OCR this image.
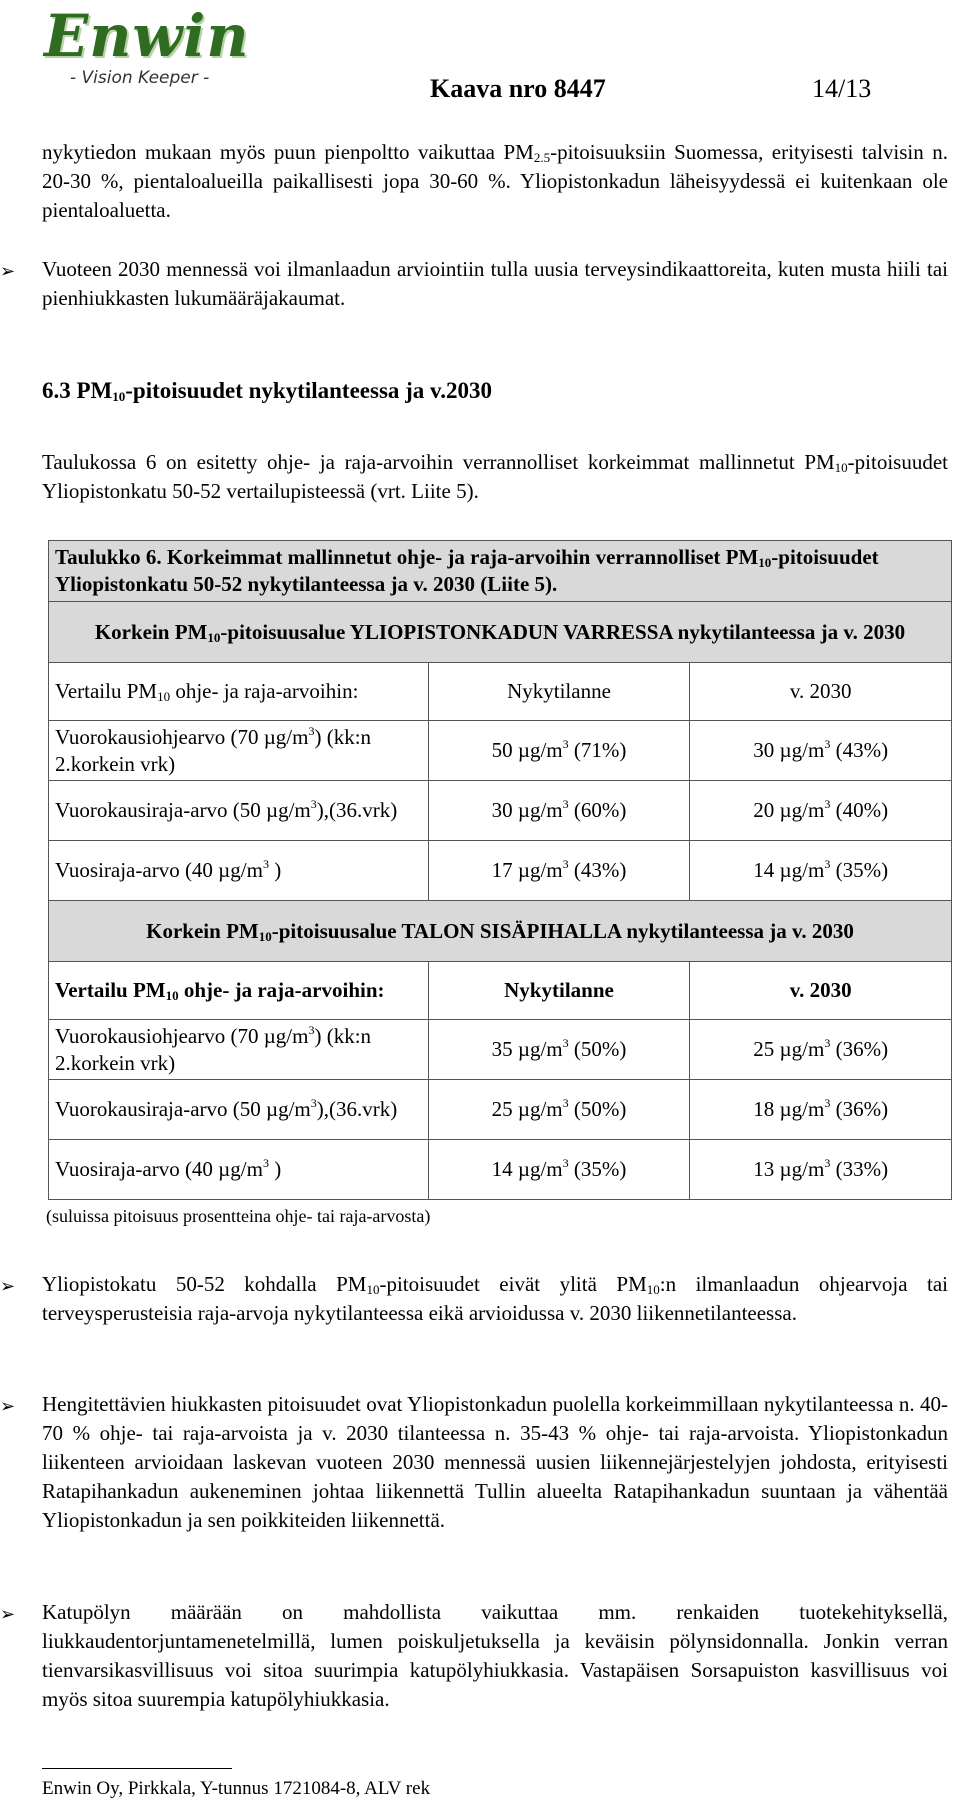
Enwin
- Vision Keeper -	Kaava nro 8447	14/13
nykytiedon mukaan myös puun pienpoltto vaikuttaa $PM_{2.5}$-pitoisuuksiin Suomessa, erityisesti talvisin n. 20-30 %, pientaloalueilla paikallisesti jopa 30-60 %. Yliopistonkadun läheisyydessä ei kuitenkaan ole pientaloaluetta.
➢ Vuoteen 2030 mennessä voi ilmanlaadun arviointiin tulla uusia terveysindikaattoreita, kuten musta hiili tai pienhiukkasten lukumääräjakaumat.
6.3 $PM_{10}$-pitoisuudet nykytilanteessa ja v.2030
Taulukossa 6 on esitetty ohje- ja raja-arvoihin verrannolliset korkeimmat mallinnetut $PM_{10}$-pitoisuudet Yliopistonkatu 50-52 vertailupisteessä (vrt. Liite 5).
Taulukko 6. Korkeimmat mallinnetut ohje- ja raja-arvoihin verrannolliset $PM_{10}$-pitoisuudet Yliopistonkatu 50-52 nykytilanteessa ja v. 2030 (Liite 5).		
Korkein $PM_{10}$-pitoisuusalue YLIOPISTONKADUN VARRESSA nykytilanteessa ja v. 2030		
Vertailu $PM_{10}$ ohje- ja raja-arvoihin:	Nykytilanne	v. 2030
Vuorokausiohjearvo (70 $\mu g/m^3$) (kk:n 2.korkein vrk)	50 $\mu g/m^3$ (71%)	30 $\mu g/m^3$ (43%)
Vuorokausiraja-arvo (50 $\mu g/m^3),(36.vrk)$	30 $\mu g/m^3$ (60%)	20 $\mu g/m^3$ (40%)
Vuosiraja-arvo (40 $\mu g/m^3$ )	17 $\mu g/m^3$ (43%)	14 $\mu g/m^3$ (35%)
Korkein $PM_{10}$-pitoisuusalue TALON SISÄPIHALLA nykytilanteessa ja v. 2030		
Vertailu $PM_{10}$ ohje- ja raja-arvoihin:	Nykytilanne	v. 2030
Vuorokausiohjearvo (70 $\mu g/m^3$) (kk:n 2.korkein vrk)	35 $\mu g/m^3$ (50%)	25 $\mu g/m^3$ (36%)
Vuorokausiraja-arvo (50 $\mu g/m^3),(36.vrk)$	25 $\mu g/m^3$ (50%)	18 $\mu g/m^3$ (36%)
Vuosiraja-arvo (40 $\mu g/m^3$ )	14 $\mu g/m^3$ (35%)	13 $\mu g/m^3$ (33%)
(suluissa pitoisuus prosentteina ohje- tai raja-arvosta)
➢ Yliopistokatu 50-52 kohdalla $PM_{10}$-pitoisuudet eivät ylitä $PM_{10}:n$ ilmanlaadun ohjearvoja tai terveysperusteisia raja-arvoja nykytilanteessa eikä arvioidussa v. 2030 liikennetilanteessa.
➢ Hengitettävien hiukkasten pitoisuudet ovat Yliopistonkadun puolella korkeimmillaan nykytilanteessa n. 40-70 % ohje- tai raja-arvoista ja v. 2030 tilanteessa n. 35-43 % ohje- tai raja-arvoista. Yliopistonkadun liikenteen arvioidaan laskevan vuoteen 2030 mennessä uusien liikennejärjestelyjen johdosta, erityisesti Ratapihankadun aukeneminen johtaa liikennettä Tullin alueelta Ratapihankadun suuntaan ja vähentää Yliopistonkadun ja sen poikkiteiden liikennettä.
➢ Katupölyn määrään on mahdollista vaikuttaa mm. renkaiden tuotekehityksellä, liukkaudentorjuntamenetelmillä, lumen poiskuljetuksella ja keväisin pölynsidonnalla. Jonkin verran tienvarsikasvillisuus voi sitoa suurimpia katupölyhiukkasia. Vastapäisen Sorsapuiston kasvillisuus voi myös sitoa suurempia katupölyhiukkasia.
Enwin Oy, Pirkkala, Y-tunnus 1721084-8, ALV rek
